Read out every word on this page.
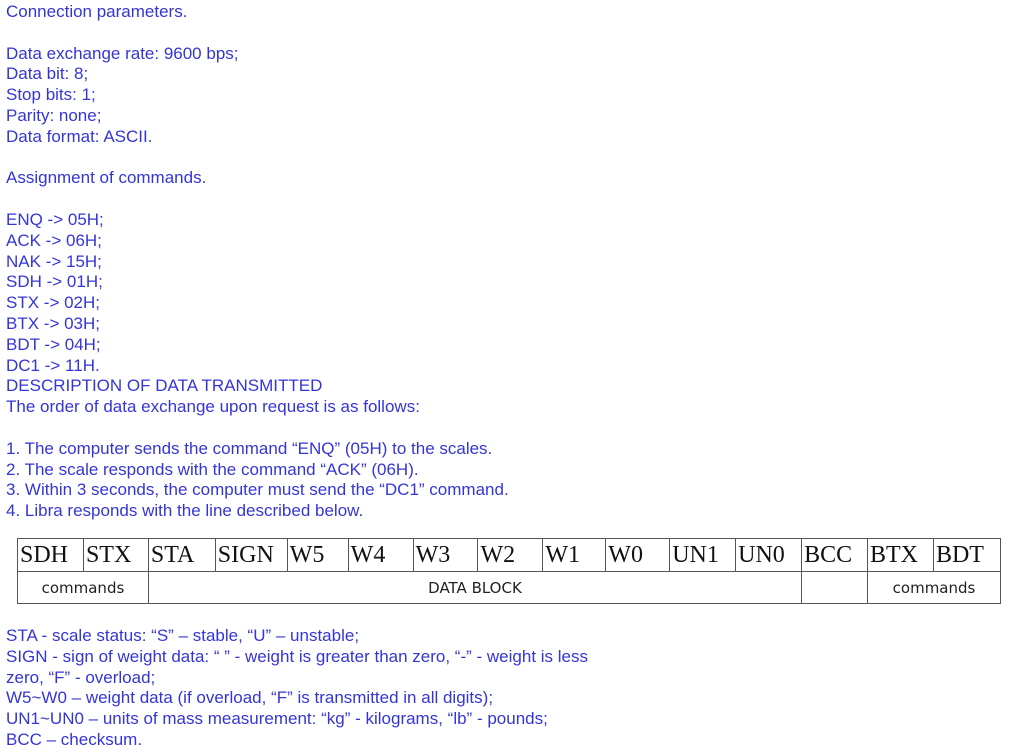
Connection parameters.
Data exchange rate: 9600 bps;
Data bit: 8;
Stop bits: 1;
Parity: none;
Data format: ASCII.
Assignment of commands.
ENQ -> 05H;
ACK -> 06H;
NAK -> 15H;
SDH -> 01H;
STX -> 02H;
BTX -> 03H;
BDT -> 04H;
DC1 -> 11H.
DESCRIPTION OF DATA TRANSMITTED
The order of data exchange upon request is as follows:
1. The computer sends the command “ENQ” (05H) to the scales.
2. The scale responds with the command “ACK” (06H).
3. Within 3 seconds, the computer must send the “DC1” command.
4. Libra responds with the line described below.
SDH	STX	STA	SIGN	W5	W4	W3	W2	W1	W0	UN1	UN0	BCC	BTX	BDT
commands		DATA BLOCK											commands	
STA - scale status: “S” – stable, “U” – unstable;
SIGN - sign of weight data: “ ” - weight is greater than zero, “-” - weight is less
zero, “F” - overload;
W5~W0 – weight data (if overload, “F” is transmitted in all digits);
UN1~UN0 – units of mass measurement: “kg” - kilograms, “lb” - pounds;
BCC – checksum.
